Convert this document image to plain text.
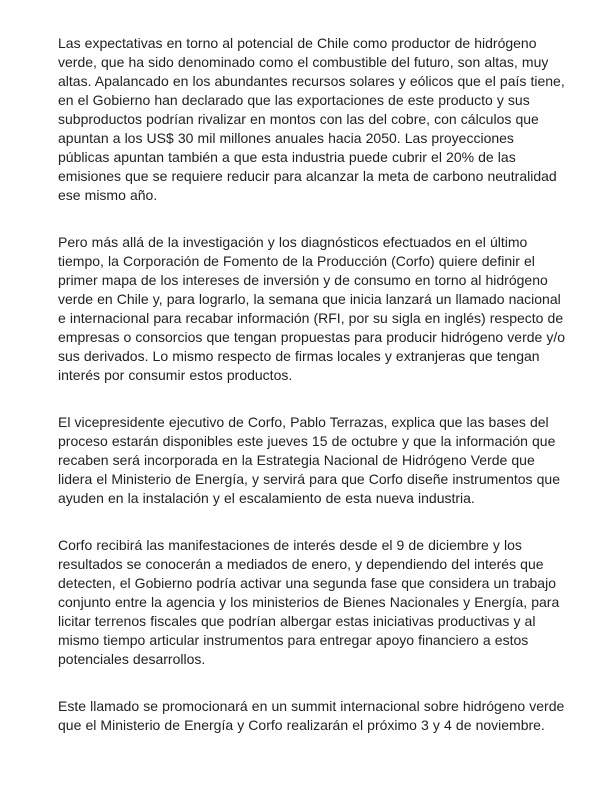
Las expectativas en torno al potencial de Chile como productor de hidrógeno verde, que ha sido denominado como el combustible del futuro, son altas, muy altas. Apalancado en los abundantes recursos solares y eólicos que el país tiene, en el Gobierno han declarado que las exportaciones de este producto y sus subproductos podrían rivalizar en montos con las del cobre, con cálculos que apuntan a los US$ 30 mil millones anuales hacia 2050. Las proyecciones públicas apuntan también a que esta industria puede cubrir el 20% de las emisiones que se requiere reducir para alcanzar la meta de carbono neutralidad ese mismo año.

Pero más allá de la investigación y los diagnósticos efectuados en el último tiempo, la Corporación de Fomento de la Producción (Corfo) quiere definir el primer mapa de los intereses de inversión y de consumo en torno al hidrógeno verde en Chile y, para lograrlo, la semana que inicia lanzará un llamado nacional e internacional para recabar información (RFI, por su sigla en inglés) respecto de empresas o consorcios que tengan propuestas para producir hidrógeno verde y/o sus derivados. Lo mismo respecto de firmas locales y extranjeras que tengan interés por consumir estos productos.

El vicepresidente ejecutivo de Corfo, Pablo Terrazas, explica que las bases del proceso estarán disponibles este jueves 15 de octubre y que la información que recaben será incorporada en la Estrategia Nacional de Hidrógeno Verde que lidera el Ministerio de Energía, y servirá para que Corfo diseñe instrumentos que ayuden en la instalación y el escalamiento de esta nueva industria.

Corfo recibirá las manifestaciones de interés desde el 9 de diciembre y los resultados se conocerán a mediados de enero, y dependiendo del interés que detecten, el Gobierno podría activar una segunda fase que considera un trabajo conjunto entre la agencia y los ministerios de Bienes Nacionales y Energía, para licitar terrenos fiscales que podrían albergar estas iniciativas productivas y al mismo tiempo articular instrumentos para entregar apoyo financiero a estos potenciales desarrollos.

Este llamado se promocionará en un summit internacional sobre hidrógeno verde que el Ministerio de Energía y Corfo realizarán el próximo 3 y 4 de noviembre.
